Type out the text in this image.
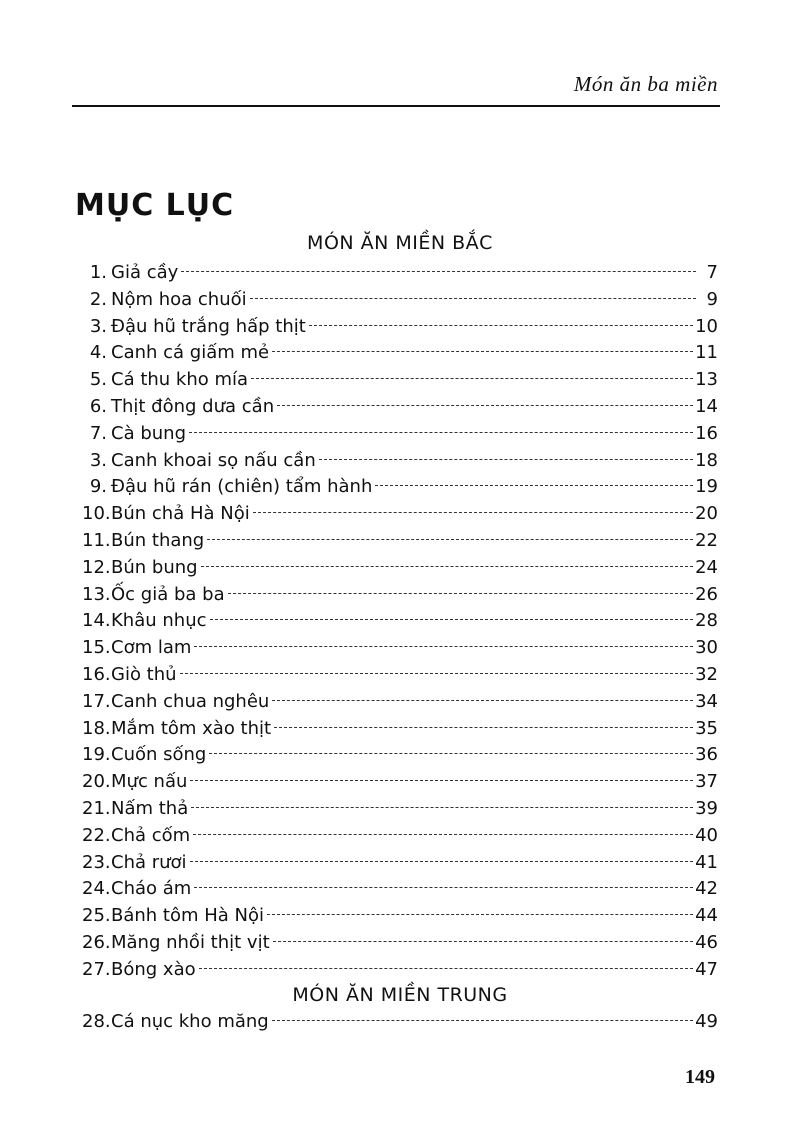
Món ăn ba miền
MỤC LỤC
MÓN ĂN MIỀN BẮC
1. Giả cầy	7
2. Nộm hoa chuối	9
3. Đậu hũ trắng hấp thịt	10
4. Canh cá giấm mẻ	11
5. Cá thu kho mía	13
6. Thịt đông dưa cần	14
7. Cà bung	16
3. Canh khoai sọ nấu cần	18
9. Đậu hũ rán (chiên) tẩm hành	19
10. Bún chả Hà Nội	20
11. Bún thang	22
12. Bún bung	24
13. Ốc giả ba ba	26
14. Khâu nhục	28
15. Cơm lam	30
16. Giò thủ	32
17. Canh chua nghêu	34
18. Mắm tôm xào thịt	35
19. Cuốn sống	36
20. Mực nấu	37
21. Nấm thả	39
22. Chả cốm	40
23. Chả rươi	41
24. Cháo ám	42
25. Bánh tôm Hà Nội	44
26. Măng nhồi thịt vịt	46
27. Bóng xào	47
MÓN ĂN MIỀN TRUNG
28. Cá nục kho măng	49
149
